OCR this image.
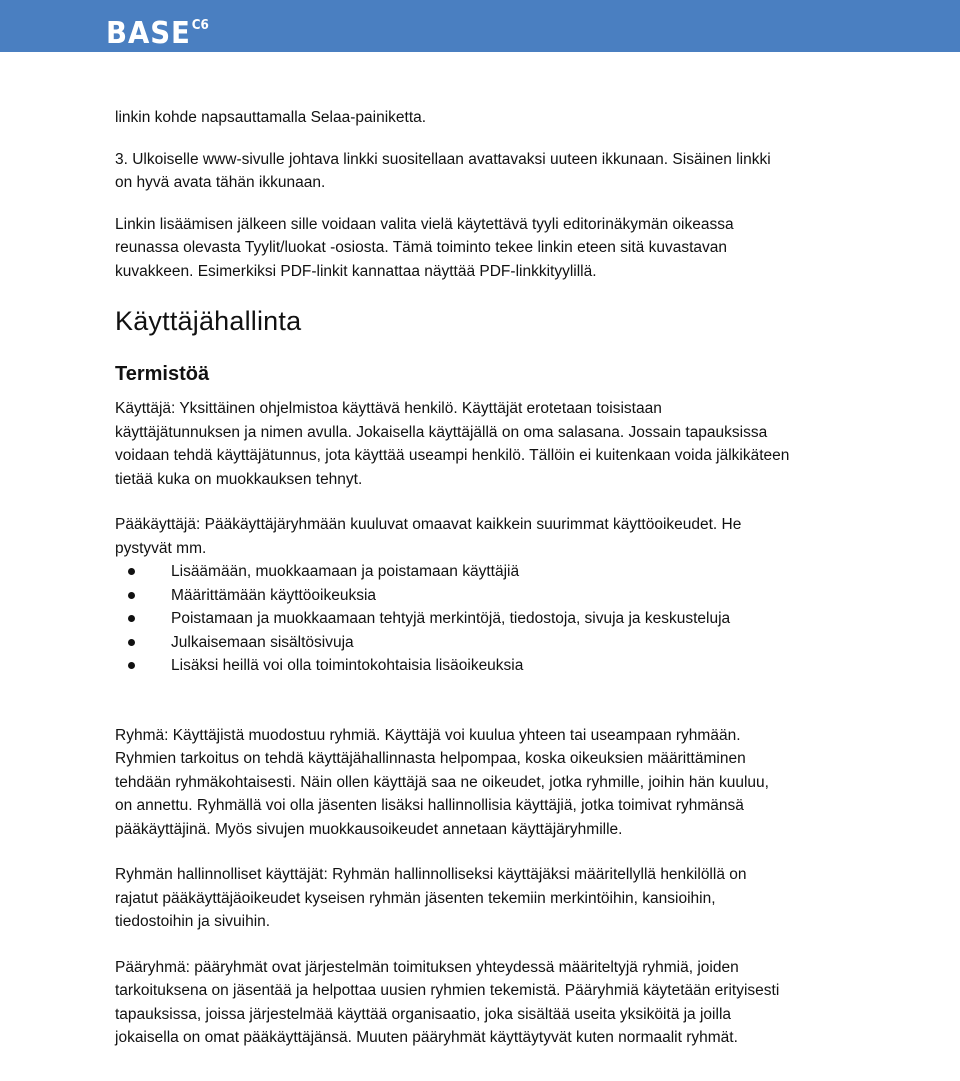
$BASE^{C6}$

linkin kohde napsauttamalla Selaa-painiketta.

3. Ulkoiselle www-sivulle johtava linkki suositellaan avattavaksi uuteen ikkunaan. Sisäinen linkki

on hyvä avata tähän ikkunaan.

Linkin lisäämisen jälkeen sille voidaan valita vielä käytettävä tyyli editorinäkymän oikeassa

reunassa olevasta Tyylit/luokat -osiosta. Tämä toiminto tekee linkin eteen sitä kuvastavan

kuvakkeen. Esimerkiksi PDF-linkit kannattaa näyttää PDF-linkkityylillä.

Käyttäjähallinta
Termistöä

Käyttäjä: Yksittäinen ohjelmistoa käyttävä henkilö. Käyttäjät erotetaan toisistaan

käyttäjätunnuksen ja nimen avulla. Jokaisella käyttäjällä on oma salasana. Jossain tapauksissa

voidaan tehdä käyttäjätunnus, jota käyttää useampi henkilö. Tällöin ei kuitenkaan voida jälkikäteen

tietää kuka on muokkauksen tehnyt.

Pääkäyttäjä: Pääkäyttäjäryhmään kuuluvat omaavat kaikkein suurimmat käyttöoikeudet. He

pystyvät mm.

Lisäämään, muokkaamaan ja poistamaan käyttäjiä
Määrittämään käyttöoikeuksia
Poistamaan ja muokkaamaan tehtyjä merkintöjä, tiedostoja, sivuja ja keskusteluja
Julkaisemaan sisältösivuja
Lisäksi heillä voi olla toimintokohtaisia lisäoikeuksia

Ryhmä: Käyttäjistä muodostuu ryhmiä. Käyttäjä voi kuulua yhteen tai useampaan ryhmään.

Ryhmien tarkoitus on tehdä käyttäjähallinnasta helpompaa, koska oikeuksien määrittäminen

tehdään ryhmäkohtaisesti. Näin ollen käyttäjä saa ne oikeudet, jotka ryhmille, joihin hän kuuluu,

on annettu. Ryhmällä voi olla jäsenten lisäksi hallinnollisia käyttäjiä, jotka toimivat ryhmänsä

pääkäyttäjinä. Myös sivujen muokkausoikeudet annetaan käyttäjäryhmille.

Ryhmän hallinnolliset käyttäjät: Ryhmän hallinnolliseksi käyttäjäksi määritellyllä henkilöllä on

rajatut pääkäyttäjäoikeudet kyseisen ryhmän jäsenten tekemiin merkintöihin, kansioihin,

tiedostoihin ja sivuihin.

Pääryhmä: pääryhmät ovat järjestelmän toimituksen yhteydessä määriteltyjä ryhmiä, joiden

tarkoituksena on jäsentää ja helpottaa uusien ryhmien tekemistä. Pääryhmiä käytetään erityisesti

tapauksissa, joissa järjestelmää käyttää organisaatio, joka sisältää useita yksiköitä ja joilla

jokaisella on omat pääkäyttäjänsä. Muuten pääryhmät käyttäytyvät kuten normaalit ryhmät.
